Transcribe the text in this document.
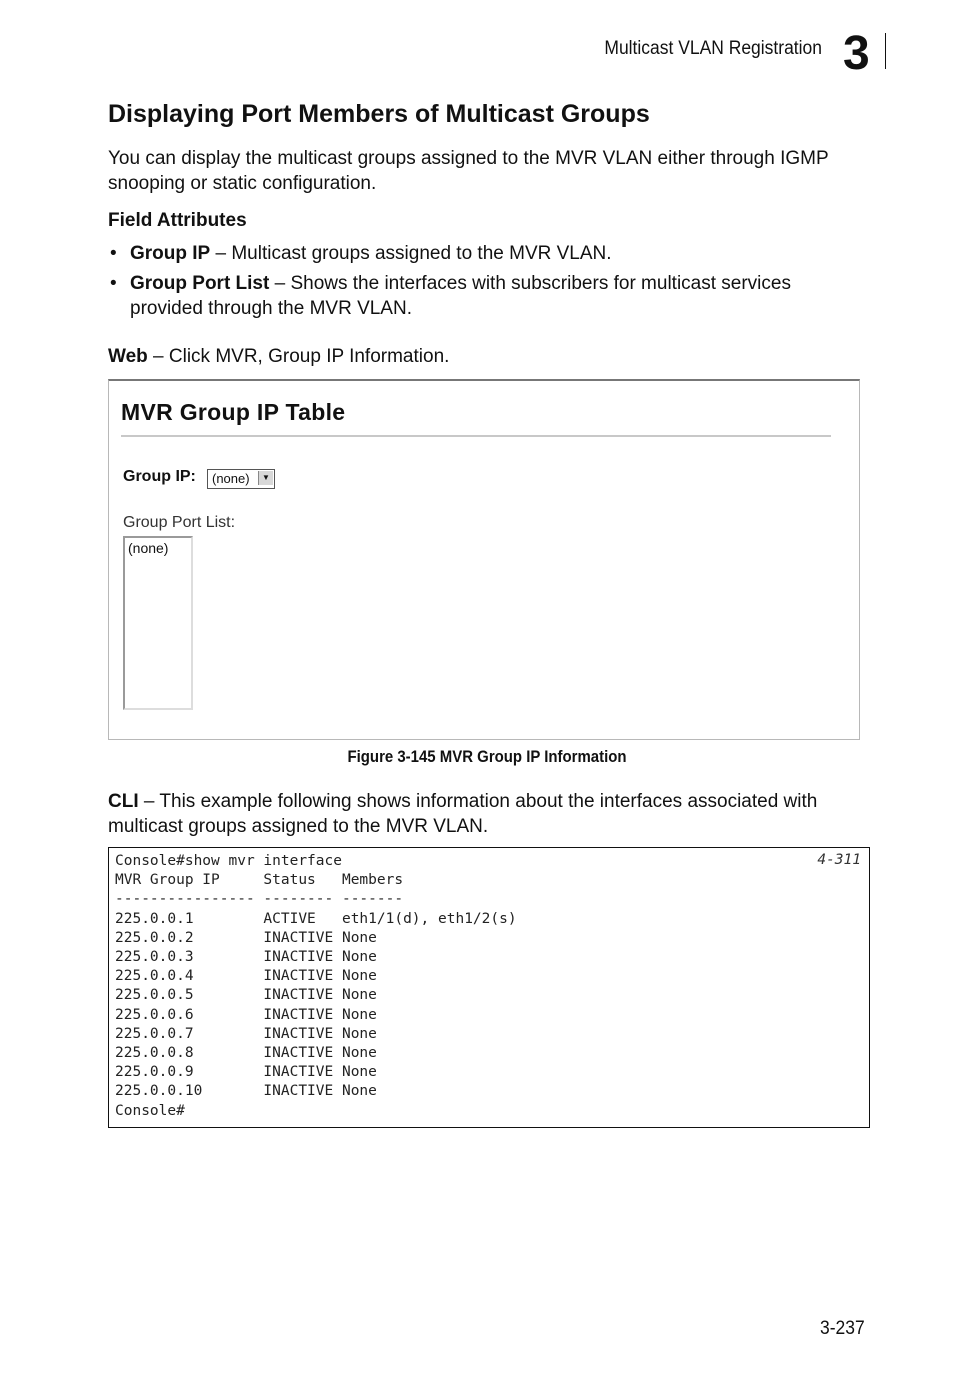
Multicast VLAN Registration 3
Displaying Port Members of Multicast Groups
You can display the multicast groups assigned to the MVR VLAN either through IGMP snooping or static configuration.
Field Attributes
• Group IP – Multicast groups assigned to the MVR VLAN.
• Group Port List – Shows the interfaces with subscribers for multicast services provided through the MVR VLAN.
Web – Click MVR, Group IP Information.
MVR Group IP Table
Group IP: (none)	▼
Group Port List:
(none)
Figure 3-145 MVR Group IP Information
CLI – This example following shows information about the interfaces associated with multicast groups assigned to the MVR VLAN.
Console#show mvr interface
MVR Group IP     Status   Members
---------------- -------- -------
225.0.0.1        ACTIVE   eth1/1(d), eth1/2(s)
225.0.0.2        INACTIVE None
225.0.0.3        INACTIVE None
225.0.0.4        INACTIVE None
225.0.0.5        INACTIVE None
225.0.0.6        INACTIVE None
225.0.0.7        INACTIVE None
225.0.0.8        INACTIVE None
225.0.0.9        INACTIVE None
225.0.0.10       INACTIVE None
Console#
4-311
3-237
